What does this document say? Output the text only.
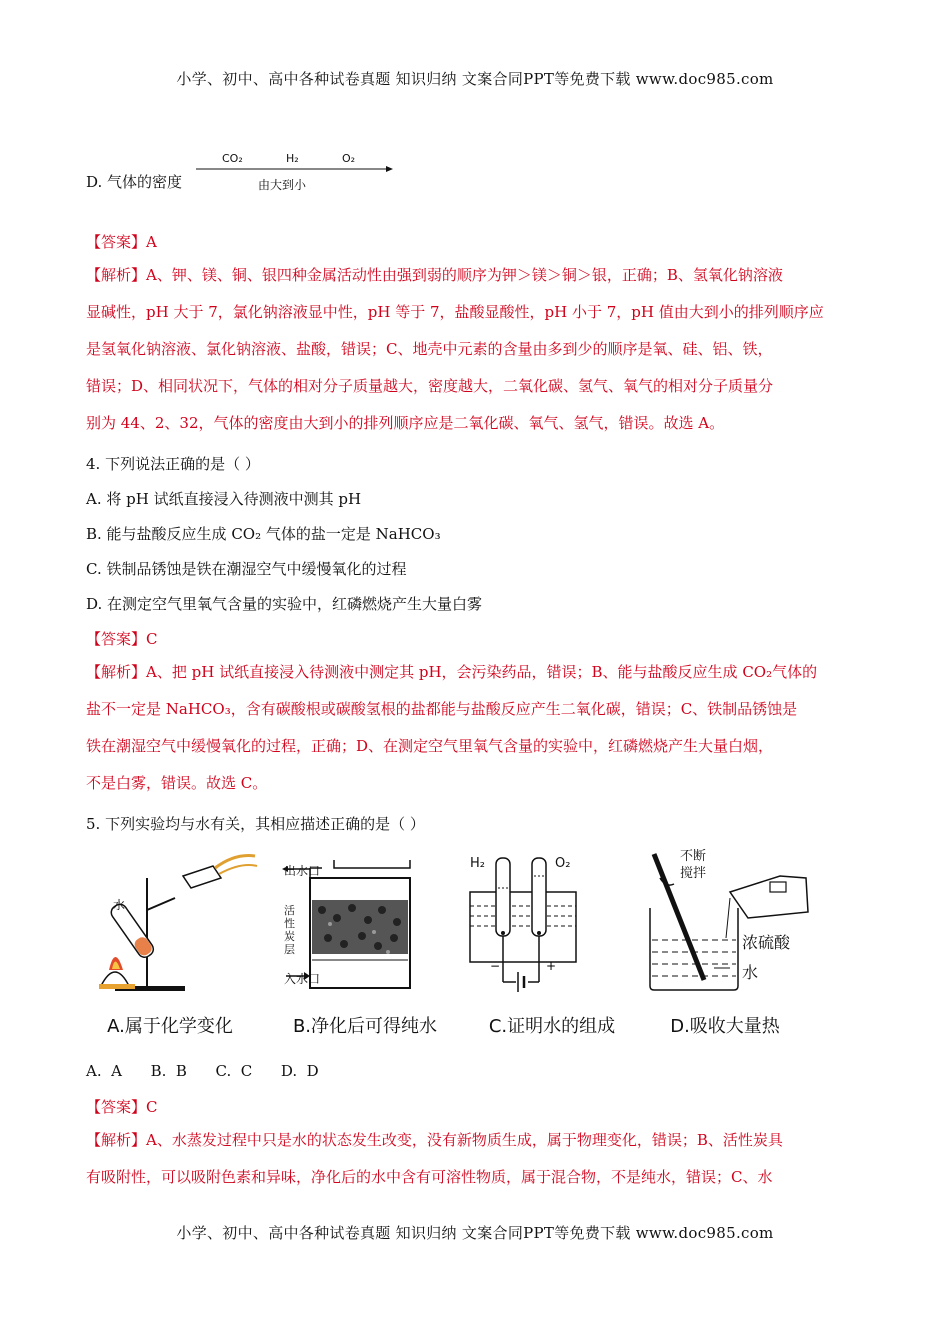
小学、初中、高中各种试卷真题 知识归纳 文案合同PPT等免费下载 www.doc985.com
D. 气体的密度
CO₂	H₂	O₂
由大到小
【答案】A

【解析】A、钾、镁、铜、银四种金属活动性由强到弱的顺序为钾＞镁＞铜＞银，正确；B、氢氧化钠溶液

显碱性，pH 大于 7，氯化钠溶液显中性，pH 等于 7，盐酸显酸性，pH 小于 7，pH 值由大到小的排列顺序应

是氢氧化钠溶液、氯化钠溶液、盐酸，错误；C、地壳中元素的含量由多到少的顺序是氧、硅、铝、铁，

错误；D、相同状况下，气体的相对分子质量越大，密度越大，二氧化碳、氢气、氧气的相对分子质量分

别为 44、2、32，气体的密度由大到小的排列顺序应是二氧化碳、氧气、氢气，错误。故选 A。

4. 下列说法正确的是（ ）
A. 将 pH 试纸直接浸入待测液中测其 pH
B. 能与盐酸反应生成 CO₂ 气体的盐一定是 NaHCO₃
C. 铁制品锈蚀是铁在潮湿空气中缓慢氧化的过程
D. 在测定空气里氧气含量的实验中，红磷燃烧产生大量白雾
【答案】C

【解析】A、把 pH 试纸直接浸入待测液中测定其 pH，会污染药品，错误；B、能与盐酸反应生成 CO₂气体的

盐不一定是 NaHCO₃，含有碳酸根或碳酸氢根的盐都能与盐酸反应产生二氧化碳，错误；C、铁制品锈蚀是

铁在潮湿空气中缓慢氧化的过程，正确；D、在测定空气里氧气含量的实验中，红磷燃烧产生大量白烟，

不是白雾，错误。故选 C。

5. 下列实验均与水有关，其相应描述正确的是（ ）
水
出水口
活性炭层
入水口
−	+
H₂	O₂	不断搅拌
浓硫酸
水
A.属于化学变化	B.净化后可得纯水	C.证明水的组成	D.吸收大量热
A.  A      B.  B      C.  C      D.  D
【答案】C

【解析】A、水蒸发过程中只是水的状态发生改变，没有新物质生成，属于物理变化，错误；B、活性炭具

有吸附性，可以吸附色素和异味，净化后的水中含有可溶性物质，属于混合物，不是纯水，错误；C、水

小学、初中、高中各种试卷真题 知识归纳 文案合同PPT等免费下载 www.doc985.com
